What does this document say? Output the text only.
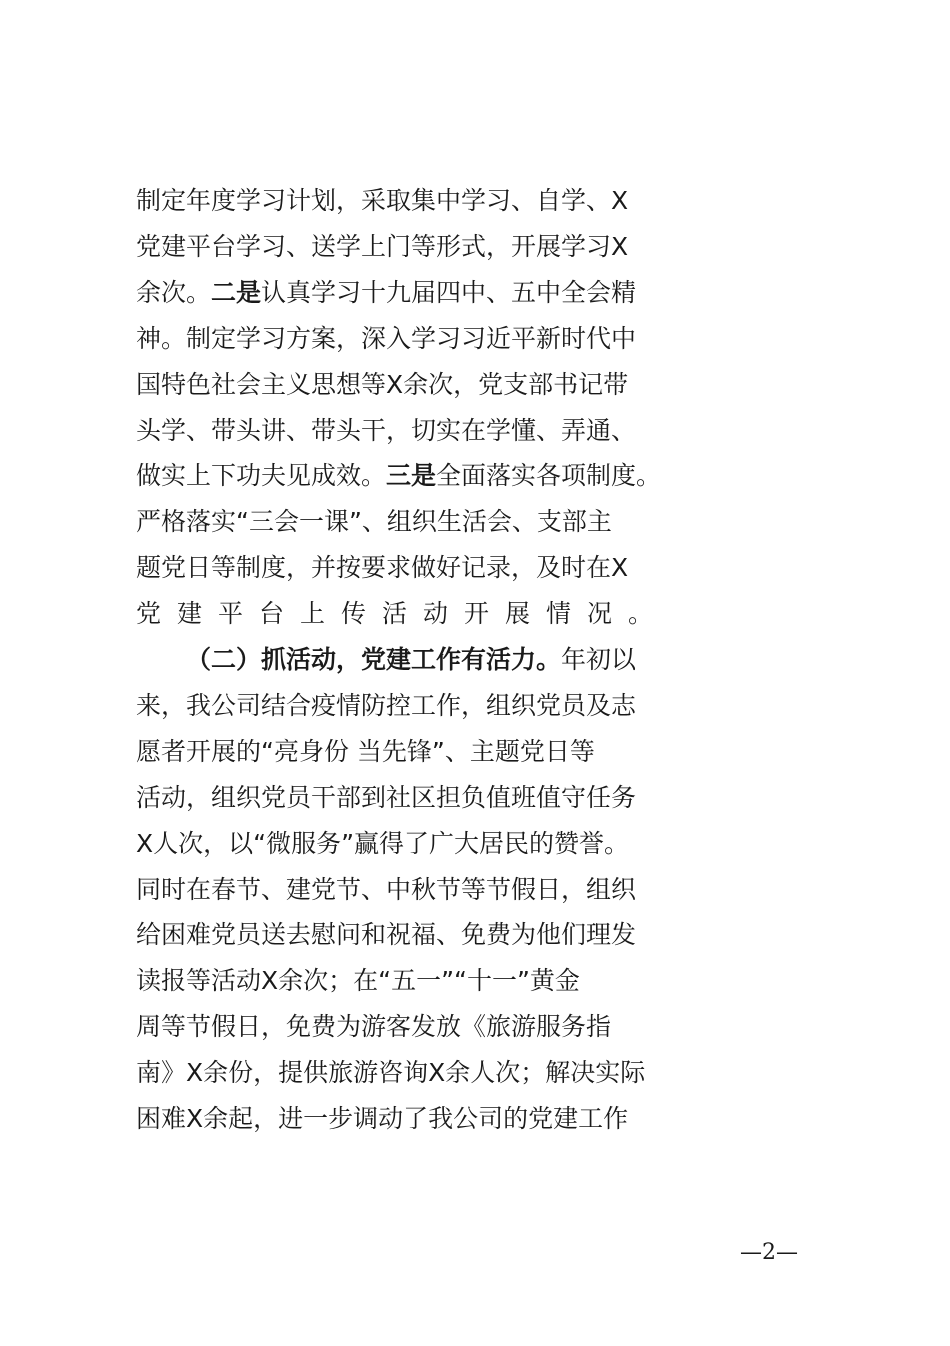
制定年度学习计划，采取集中学习、自学、X
党建平台学习、送学上门等形式，开展学习X
余次。二是认真学习十九届四中、五中全会精
神。制定学习方案，深入学习习近平新时代中
国特色社会主义思想等X余次，党支部书记带
头学、带头讲、带头干，切实在学懂、弄通、
做实上下功夫见成效。三是全面落实各项制度。
严格落实“三会一课”、组织生活会、支部主
题党日等制度，并按要求做好记录，及时在X
党建平台上传活动开展情况。
（二）抓活动，党建工作有活力。年初以
来，我公司结合疫情防控工作，组织党员及志
愿者开展的“亮身份 当先锋”、主题党日等
活动，组织党员干部到社区担负值班值守任务
X人次，以“微服务”赢得了广大居民的赞誉。
同时在春节、建党节、中秋节等节假日，组织
给困难党员送去慰问和祝福、免费为他们理发
读报等活动X余次；在“五一”“十一”黄金
周等节假日，免费为游客发放《旅游服务指
南》X余份，提供旅游咨询X余人次；解决实际
困难X余起，进一步调动了我公司的党建工作
—2—
